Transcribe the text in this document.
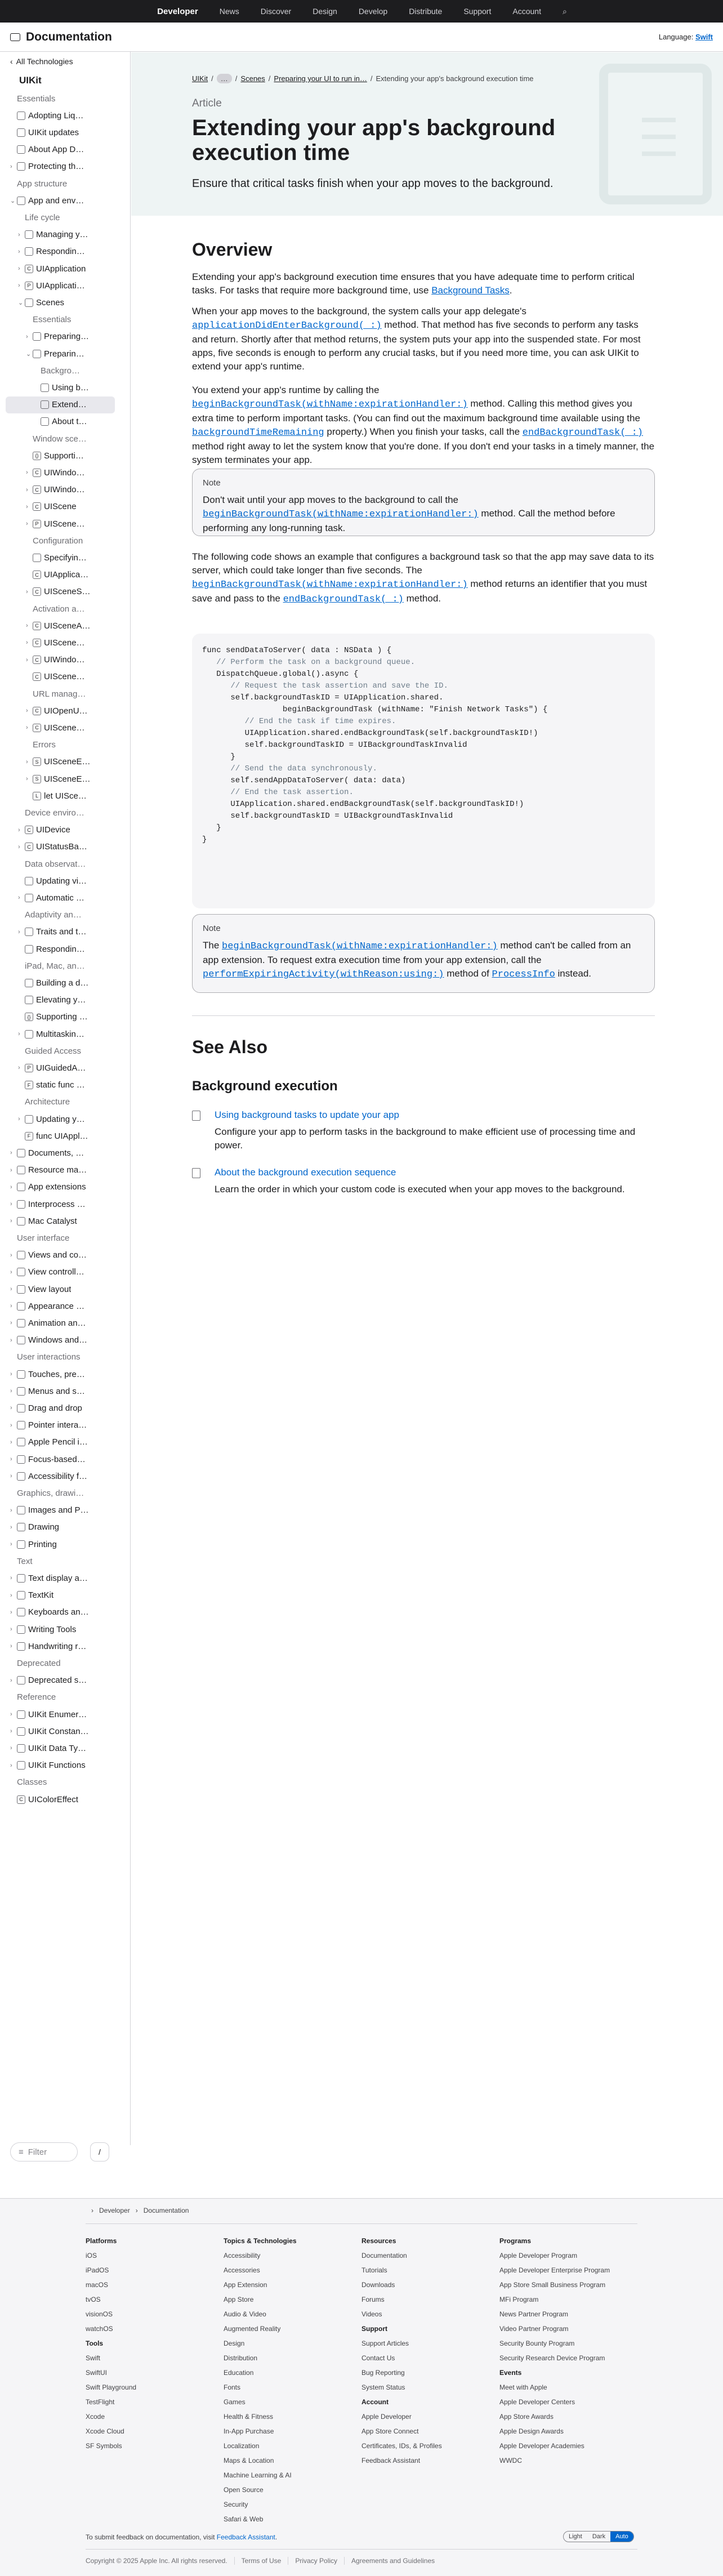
Developer	News	Discover	Design	Develop	Distribute	Support	Account	⌕
Documentation	Language: Swift
‹ All Technologies
UIKit
Essentials
Adopting Liq…
UIKit updates
About App D…
›	Protecting th…
App structure
⌄ App and env…
Life cycle
›	Managing y…
›	Respondin…
›	C UIApplication
›	P UIApplicati…
⌄ Scenes
Essentials
›	Preparing…
⌄ Preparin…
Backgro…
Using b…
Extend…
About t…
Window sce…
{} Supporti…
›	C UIWindo…
›	C UIWindo…
›	C UIScene
›	P UIScene…
Configuration
Specifyin…
C UIApplica…
›	C UISceneS…
Activation a…
›	C UISceneA…
›	C UIScene…
›	C UIWindo…
C UIScene…
URL manag…
›	C UIOpenU…
›	C UIScene…
Errors
›	S UISceneE…
›	S UISceneE…
L let UISce…
Device enviro…
›	C UIDevice
›	C UIStatusBa…
Data observat…
Updating vi…
›	Automatic …
Adaptivity an…
›	Traits and t…
Respondin…
iPad, Mac, an…
Building a d…
Elevating y…
{} Supporting …
›	Multitaskin…
Guided Access
›	P UIGuidedA…
F static func …
Architecture
›	Updating y…
F func UIAppl…
›	Documents, …
›	Resource ma…
›	App extensions
›	Interprocess …
›	Mac Catalyst
User interface
›	Views and co…
›	View controll…
›	View layout
›	Appearance …
›	Animation an…
›	Windows and…
User interactions
›	Touches, pre…
›	Menus and s…
›	Drag and drop
›	Pointer intera…
›	Apple Pencil i…
›	Focus-based…
›	Accessibility f…
Graphics, drawi…
›	Images and P…
›	Drawing
›	Printing
Text
›	Text display a…
›	TextKit
›	Keyboards an…
›	Writing Tools
›	Handwriting r…
Deprecated
›	Deprecated s…
Reference
›	UIKit Enumer…
›	UIKit Constan…
›	UIKit Data Ty…
›	UIKit Functions
Classes
C UIColorEffect
≡ Filter	/
UIKit /	…	/ Scenes / Preparing your UI to run in… / Extending your app's background execution time
Article
Extending your app's background execution time
Ensure that critical tasks finish when your app moves to the background.
Overview

Extending your app's background execution time ensures that you have adequate time to perform critical tasks. For tasks that require more background time, use Background Tasks.

When your app moves to the background, the system calls your app delegate's applicationDidEnterBackground(_:) method. That method has five seconds to perform any tasks and return. Shortly after that method returns, the system puts your app into the suspended state. For most apps, five seconds is enough to perform any crucial tasks, but if you need more time, you can ask UIKit to extend your app's runtime.

You extend your app's runtime by calling the beginBackgroundTask(withName:expirationHandler:) method. Calling this method gives you extra time to perform important tasks. (You can find out the maximum background time available using the backgroundTimeRemaining property.) When you finish your tasks, call the endBackgroundTask(_:) method right away to let the system know that you're done. If you don't end your tasks in a timely manner, the system terminates your app.

Note
Don't wait until your app moves to the background to call the beginBackgroundTask(withName:expirationHandler:) method. Call the method before performing any long-running task.

The following code shows an example that configures a background task so that the app may save data to its server, which could take longer than five seconds. The beginBackgroundTask(withName:expirationHandler:) method returns an identifier that you must save and pass to the endBackgroundTask(_:) method.

func sendDataToServer( data : NSData ) {
// Perform the task on a background queue.
DispatchQueue.global().async {
// Request the task assertion and save the ID.
self.backgroundTaskID = UIApplication.shared.
beginBackgroundTask (withName: "Finish Network Tasks") {
// End the task if time expires.
UIApplication.shared.endBackgroundTask(self.backgroundTaskID!)
self.backgroundTaskID = UIBackgroundTaskInvalid
}
// Send the data synchronously.
self.sendAppDataToServer( data: data)
// End the task assertion.
UIApplication.shared.endBackgroundTask(self.backgroundTaskID!)
self.backgroundTaskID = UIBackgroundTaskInvalid
}
}
Note
The beginBackgroundTask(withName:expirationHandler:) method can't be called from an app extension. To request extra execution time from your app extension, call the performExpiringActivity(withReason:using:) method of ProcessInfo instead.
See Also
Background execution
Using background tasks to update your app
Configure your app to perform tasks in the background to make efficient use of processing time and power.
About the background execution sequence
Learn the order in which your custom code is executed when your app moves to the background.
› Developer › Documentation
Platforms
iOS
iPadOS
macOS
tvOS
visionOS
watchOS
Tools
Swift
SwiftUI
Swift Playground
TestFlight
Xcode
Xcode Cloud
SF Symbols
Topics & Technologies
Accessibility
Accessories
App Extension
App Store
Audio & Video
Augmented Reality
Design
Distribution
Education
Fonts
Games
Health & Fitness
In-App Purchase
Localization
Maps & Location
Machine Learning & AI
Open Source
Security
Safari & Web
Resources
Documentation
Tutorials
Downloads
Forums
Videos
Support
Support Articles
Contact Us
Bug Reporting
System Status
Account
Apple Developer
App Store Connect
Certificates, IDs, & Profiles
Feedback Assistant
Programs
Apple Developer Program
Apple Developer Enterprise Program
App Store Small Business Program
MFi Program
News Partner Program
Video Partner Program
Security Bounty Program
Security Research Device Program
Events
Meet with Apple
Apple Developer Centers
App Store Awards
Apple Design Awards
Apple Developer Academies
WWDC
To submit feedback on documentation, visit Feedback Assistant.	Light	Dark	Auto
Copyright © 2025 Apple Inc. All rights reserved.	Terms of Use	Privacy Policy	Agreements and Guidelines
